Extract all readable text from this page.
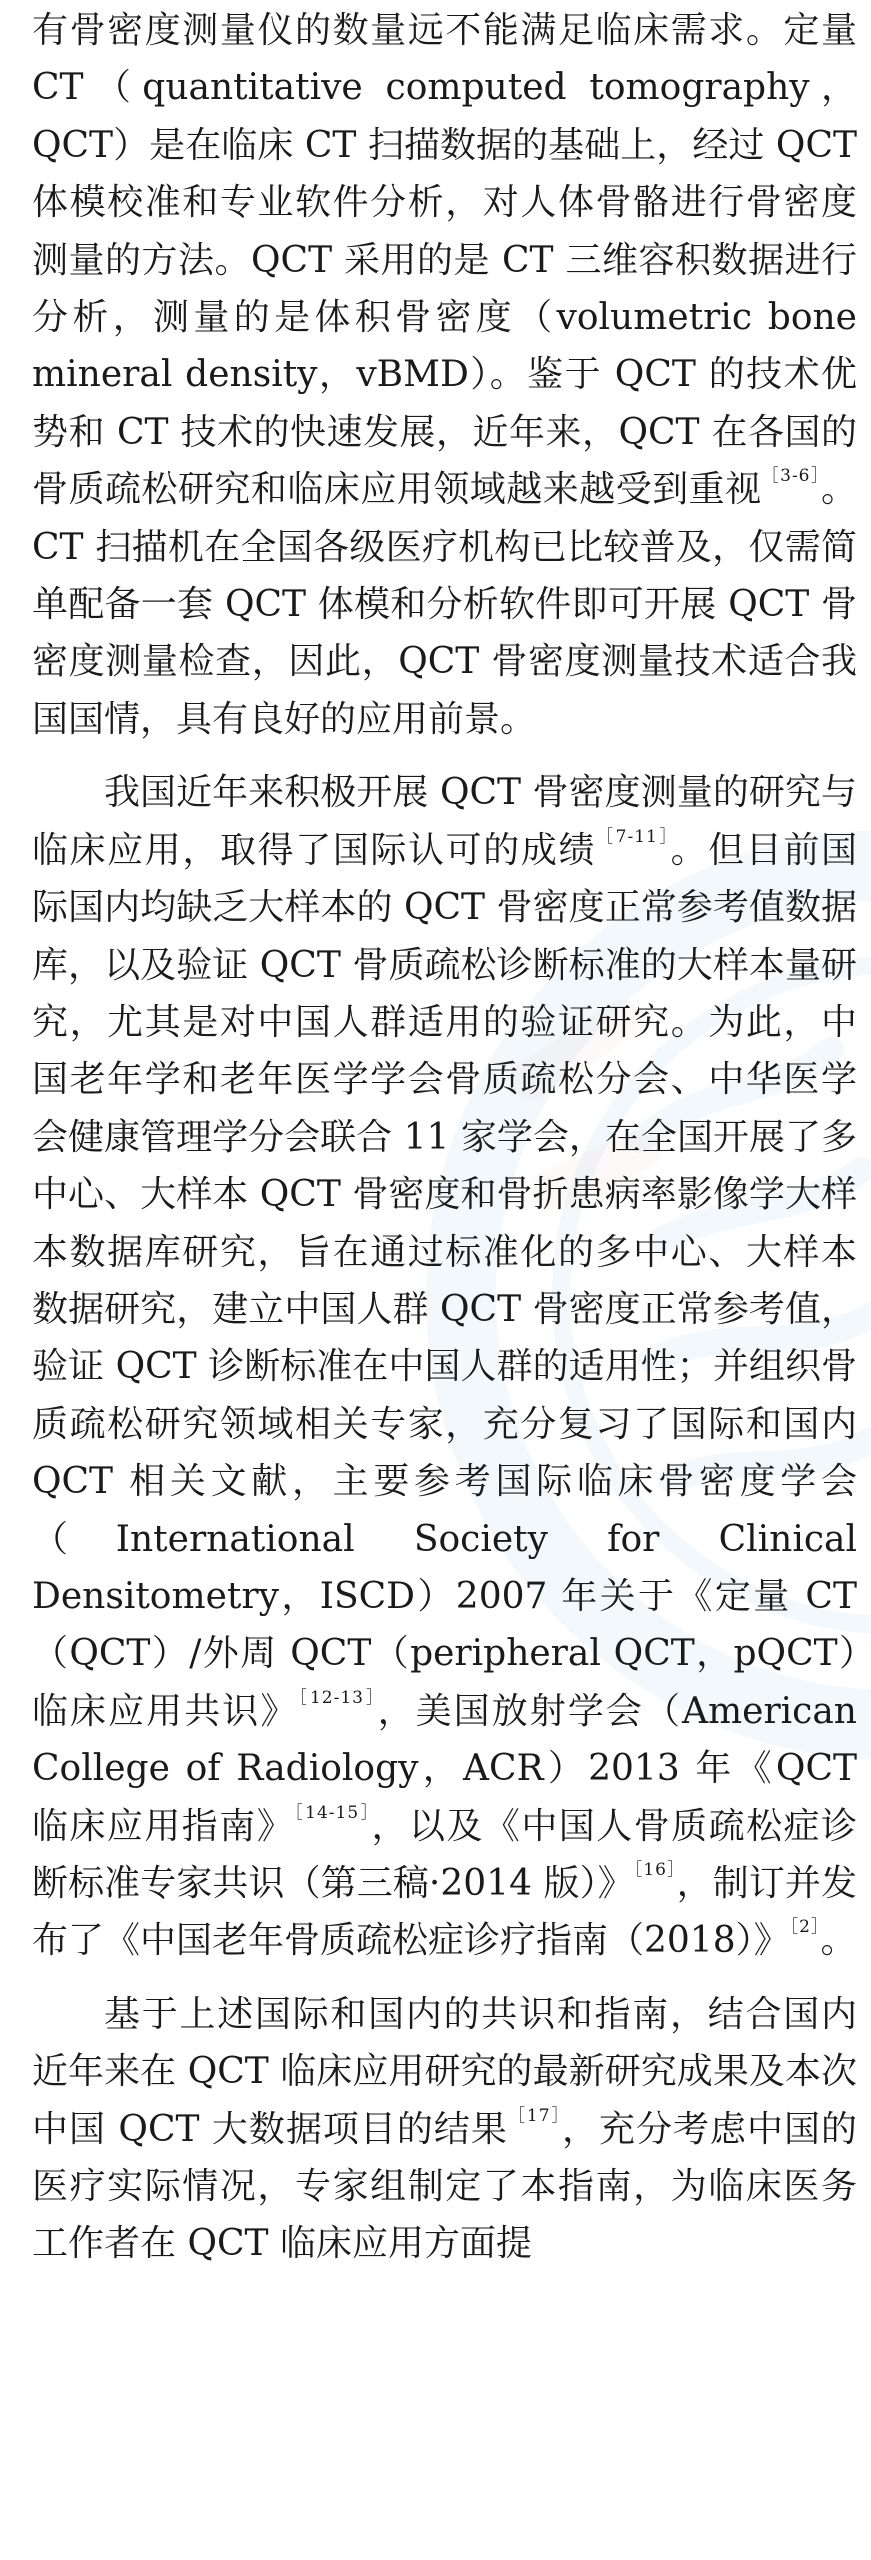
有骨密度测量仪的数量远不能满足临床需求。定量 CT（quantitative computed tomography，QCT）是在临床 CT 扫描数据的基础上，经过 QCT 体模校准和专业软件分析，对人体骨骼进行骨密度测量的方法。QCT 采用的是 CT 三维容积数据进行分析，测量的是体积骨密度（volumetric bone mineral density，vBMD）。鉴于 QCT 的技术优势和 CT 技术的快速发展，近年来，QCT 在各国的骨质疏松研究和临床应用领域越来越受到重视$^{[3-6]}$。CT 扫描机在全国各级医疗机构已比较普及，仅需简单配备一套 QCT 体模和分析软件即可开展 QCT 骨密度测量检查，因此，QCT 骨密度测量技术适合我国国情，具有良好的应用前景。

我国近年来积极开展 QCT 骨密度测量的研究与临床应用，取得了国际认可的成绩$^{[7-11]}$。但目前国际国内均缺乏大样本的 QCT 骨密度正常参考值数据库，以及验证 QCT 骨质疏松诊断标准的大样本量研究，尤其是对中国人群适用的验证研究。为此，中国老年学和老年医学学会骨质疏松分会、中华医学会健康管理学分会联合 11 家学会，在全国开展了多中心、大样本 QCT 骨密度和骨折患病率影像学大样本数据库研究，旨在通过标准化的多中心、大样本数据研究，建立中国人群 QCT 骨密度正常参考值，验证 QCT 诊断标准在中国人群的适用性；并组织骨质疏松研究领域相关专家，充分复习了国际和国内 QCT 相关文献，主要参考国际临床骨密度学会（International Society for Clinical Densitometry，ISCD）2007 年关于《定量 CT（QCT）/外周 QCT（peripheral QCT，pQCT）临床应用共识》$^{[12-13]}$，美国放射学会（American College of Radiology，ACR）2013 年《QCT 临床应用指南》$^{[14-15]}$，以及《中国人骨质疏松症诊断标准专家共识（第三稿·2014 版）》$^{[16]}$，制订并发布了《中国老年骨质疏松症诊疗指南（2018）》$^{[2]}$。

基于上述国际和国内的共识和指南，结合国内近年来在 QCT 临床应用研究的最新研究成果及本次中国 QCT 大数据项目的结果$^{[17]}$，充分考虑中国的医疗实际情况，专家组制定了本指南，为临床医务工作者在 QCT 临床应用方面提
